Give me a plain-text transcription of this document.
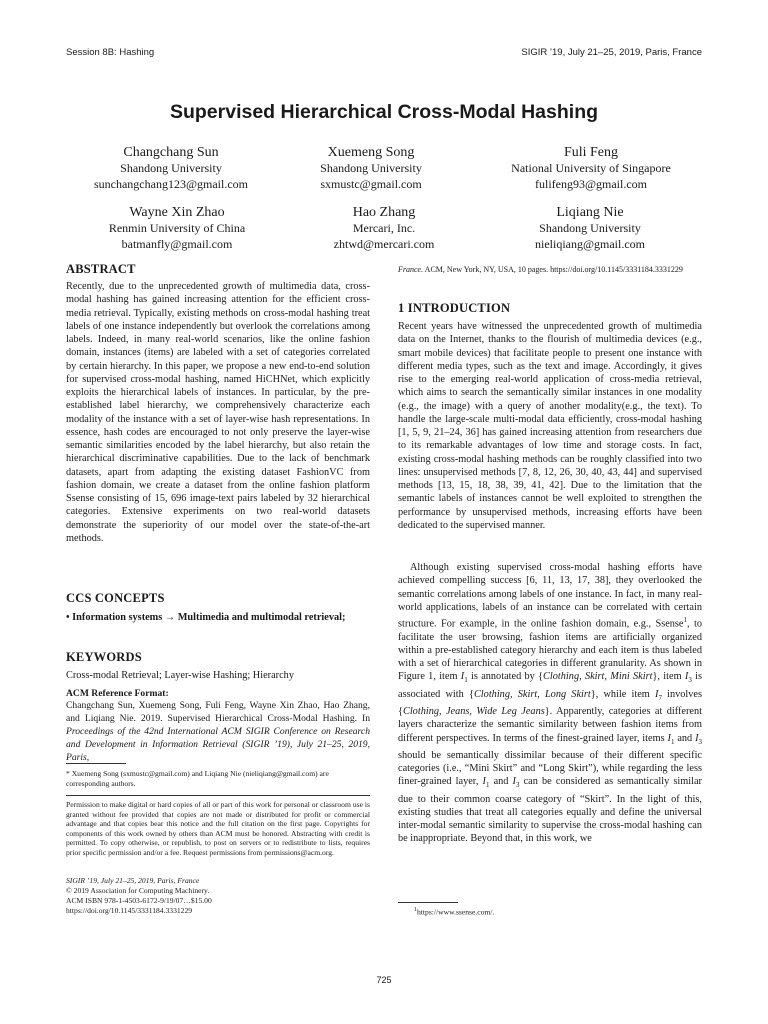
Session 8B: Hashing	SIGIR ’19, July 21–25, 2019, Paris, France
Supervised Hierarchical Cross-Modal Hashing
Changchang Sun
Shandong University
sunchangchang123@gmail.com
Xuemeng Song
Shandong University
sxmustc@gmail.com
Fuli Feng
National University of Singapore
fulifeng93@gmail.com
Wayne Xin Zhao
Renmin University of China
batmanfly@gmail.com
Hao Zhang
Mercari, Inc.
zhtwd@mercari.com
Liqiang Nie
Shandong University
nieliqiang@gmail.com
ABSTRACT
Recently, due to the unprecedented growth of multimedia data, cross-modal hashing has gained increasing attention for the efficient cross-media retrieval. Typically, existing methods on cross-modal hashing treat labels of one instance independently but overlook the correlations among labels. Indeed, in many real-world scenarios, like the online fashion domain, instances (items) are labeled with a set of categories correlated by certain hierarchy. In this paper, we propose a new end-to-end solution for supervised cross-modal hashing, named HiCHNet, which explicitly exploits the hierarchical labels of instances. In particular, by the pre-established label hierarchy, we comprehensively characterize each modality of the instance with a set of layer-wise hash representations. In essence, hash codes are encouraged to not only preserve the layer-wise semantic similarities encoded by the label hierarchy, but also retain the hierarchical discriminative capabilities. Due to the lack of benchmark datasets, apart from adapting the existing dataset FashionVC from fashion domain, we create a dataset from the online fashion platform Ssense consisting of 15, 696 image-text pairs labeled by 32 hierarchical categories. Extensive experiments on two real-world datasets demonstrate the superiority of our model over the state-of-the-art methods.
CCS CONCEPTS
• Information systems → Multimedia and multimodal retrieval;
KEYWORDS
Cross-modal Retrieval; Layer-wise Hashing; Hierarchy
ACM Reference Format:
Changchang Sun, Xuemeng Song, Fuli Feng, Wayne Xin Zhao, Hao Zhang, and Liqiang Nie. 2019. Supervised Hierarchical Cross-Modal Hashing. In Proceedings of the 42nd International ACM SIGIR Conference on Research and Development in Information Retrieval (SIGIR ’19), July 21–25, 2019, Paris,
* Xuemeng Song (sxmustc@gmail.com) and Liqiang Nie (nieliqiang@gmail.com) are corresponding authors.
Permission to make digital or hard copies of all or part of this work for personal or classroom use is granted without fee provided that copies are not made or distributed for profit or commercial advantage and that copies bear this notice and the full citation on the first page. Copyrights for components of this work owned by others than ACM must be honored. Abstracting with credit is permitted. To copy otherwise, or republish, to post on servers or to redistribute to lists, requires prior specific permission and/or a fee. Request permissions from permissions@acm.org.
SIGIR ’19, July 21–25, 2019, Paris, France
© 2019 Association for Computing Machinery.
ACM ISBN 978-1-4503-6172-9/19/07…$15.00
https://doi.org/10.1145/3331184.3331229
France. ACM, New York, NY, USA, 10 pages. https://doi.org/10.1145/3331184.3331229
1 INTRODUCTION
Recent years have witnessed the unprecedented growth of multimedia data on the Internet, thanks to the flourish of multimedia devices (e.g., smart mobile devices) that facilitate people to present one instance with different media types, such as the text and image. Accordingly, it gives rise to the emerging real-world application of cross-media retrieval, which aims to search the semantically similar instances in one modality (e.g., the image) with a query of another modality(e.g., the text). To handle the large-scale multi-modal data efficiently, cross-modal hashing [1, 5, 9, 21–24, 36] has gained increasing attention from researchers due to its remarkable advantages of low time and storage costs. In fact, existing cross-modal hashing methods can be roughly classified into two lines: unsupervised methods [7, 8, 12, 26, 30, 40, 43, 44] and supervised methods [13, 15, 18, 38, 39, 41, 42]. Due to the limitation that the semantic labels of instances cannot be well exploited to strengthen the performance by unsupervised methods, increasing efforts have been dedicated to the supervised manner.
Although existing supervised cross-modal hashing efforts have achieved compelling success [6, 11, 13, 17, 38], they overlooked the semantic correlations among labels of one instance. In fact, in many real-world applications, labels of an instance can be correlated with certain structure. For example, in the online fashion domain, e.g., Ssense$^1$, to facilitate the user browsing, fashion items are artificially organized within a pre-established category hierarchy and each item is thus labeled with a set of hierarchical categories in different granularity. As shown in Figure 1, item $I_1$ is annotated by {Clothing, Skirt, Mini Skirt}, item $I_3$ is associated with {Clothing, Skirt, Long Skirt}, while item $I_7$ involves {Clothing, Jeans, Wide Leg Jeans}. Apparently, categories at different layers characterize the semantic similarity between fashion items from different perspectives. In terms of the finest-grained layer, items $I_1$ and $I_3$ should be semantically dissimilar because of their different specific categories (i.e., “Mini Skirt” and “Long Skirt”), while regarding the less finer-grained layer, $I_1$ and $I_3$ can be considered as semantically similar due to their common coarse category of “Skirt”. In the light of this, existing studies that treat all categories equally and define the universal inter-modal semantic similarity to supervise the cross-modal hashing can be inappropriate. Beyond that, in this work, we
$^1$https://www.ssense.com/.
725
